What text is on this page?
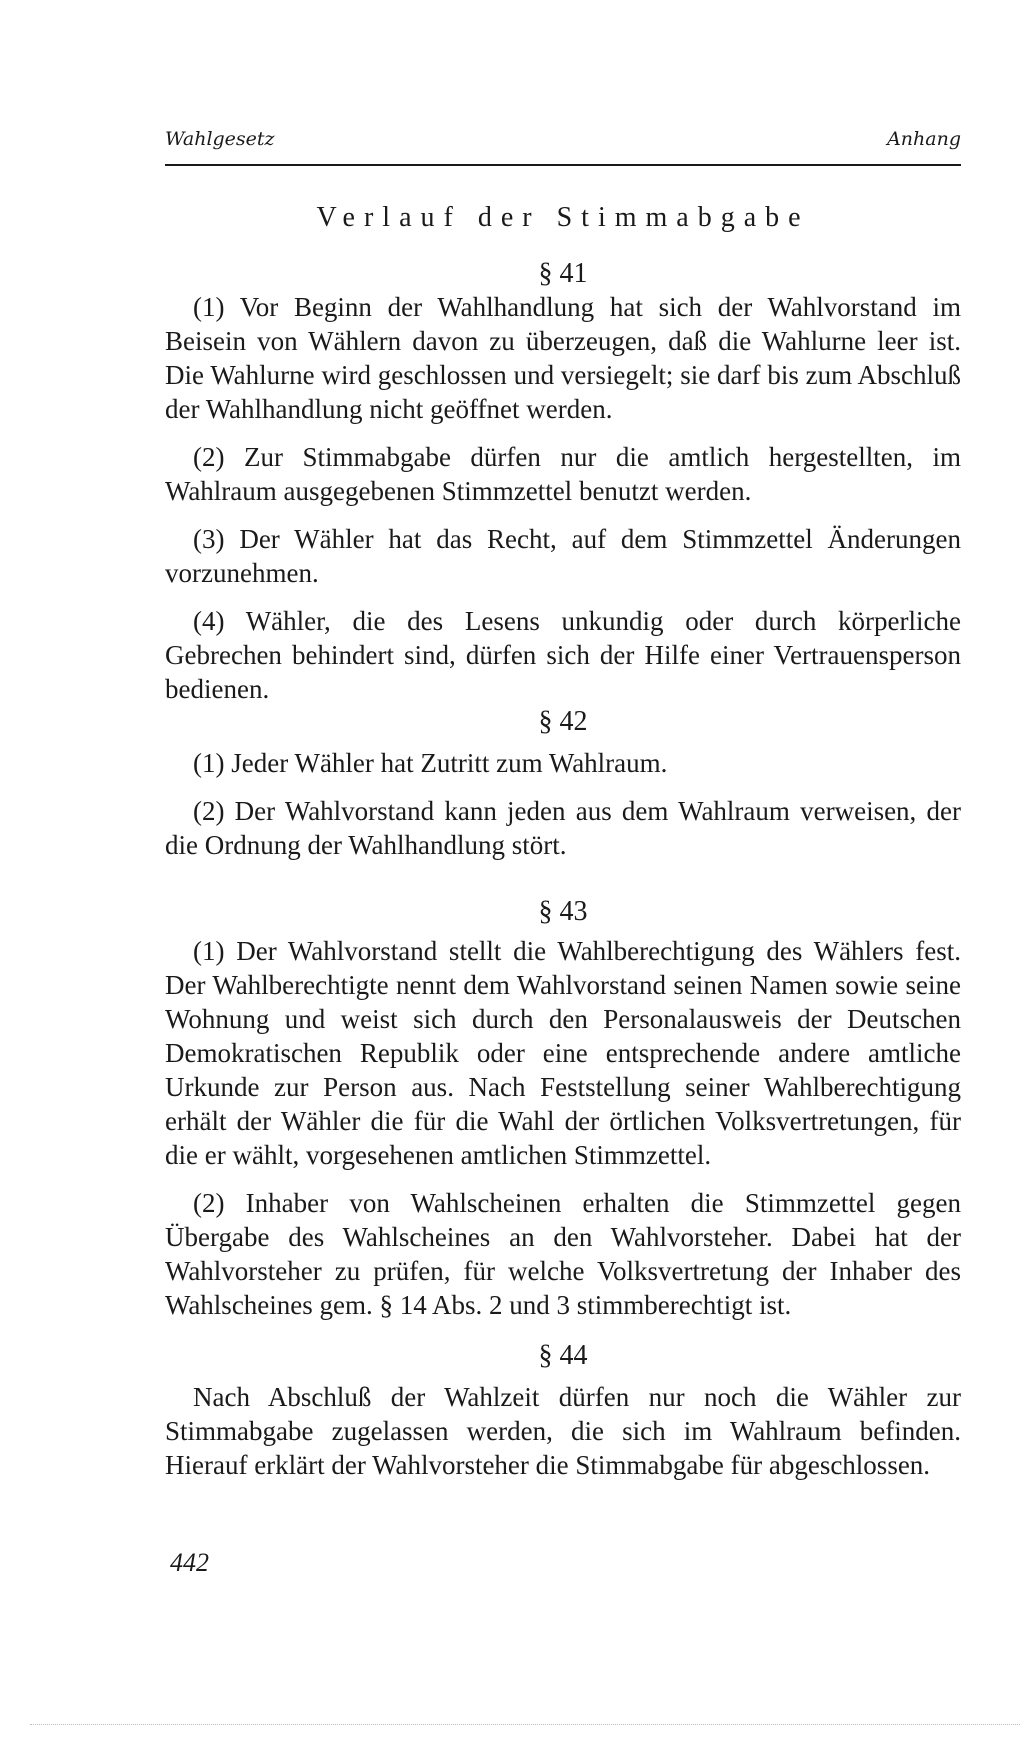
Wahlgesetz	Anhang
Verlauf der Stimmabgabe
§ 41

(1) Vor Beginn der Wahlhandlung hat sich der Wahlvorstand im Beisein von Wählern davon zu überzeugen, daß die Wahlurne leer ist. Die Wahlurne wird geschlossen und versiegelt; sie darf bis zum Abschluß der Wahlhandlung nicht geöffnet werden.

(2) Zur Stimmabgabe dürfen nur die amtlich hergestellten, im Wahlraum ausgegebenen Stimmzettel benutzt werden.

(3) Der Wähler hat das Recht, auf dem Stimmzettel Änderungen vorzunehmen.

(4) Wähler, die des Lesens unkundig oder durch körperliche Gebrechen behindert sind, dürfen sich der Hilfe einer Vertrauensperson bedienen.

§ 42

(1) Jeder Wähler hat Zutritt zum Wahlraum.

(2) Der Wahlvorstand kann jeden aus dem Wahlraum verweisen, der die Ordnung der Wahlhandlung stört.

§ 43

(1) Der Wahlvorstand stellt die Wahlberechtigung des Wählers fest. Der Wahlberechtigte nennt dem Wahlvorstand seinen Namen sowie seine Wohnung und weist sich durch den Personalausweis der Deutschen Demokratischen Republik oder eine entsprechende andere amtliche Urkunde zur Person aus. Nach Feststellung seiner Wahlberechtigung erhält der Wähler die für die Wahl der örtlichen Volksvertretungen, für die er wählt, vorgesehenen amtlichen Stimmzettel.

(2) Inhaber von Wahlscheinen erhalten die Stimmzettel gegen Übergabe des Wahlscheines an den Wahlvorsteher. Dabei hat der Wahlvorsteher zu prüfen, für welche Volksvertretung der Inhaber des Wahlscheines gem. § 14 Abs. 2 und 3 stimmberechtigt ist.

§ 44

Nach Abschluß der Wahlzeit dürfen nur noch die Wähler zur Stimmabgabe zugelassen werden, die sich im Wahlraum befinden. Hierauf erklärt der Wahlvorsteher die Stimmabgabe für abgeschlossen.

442
